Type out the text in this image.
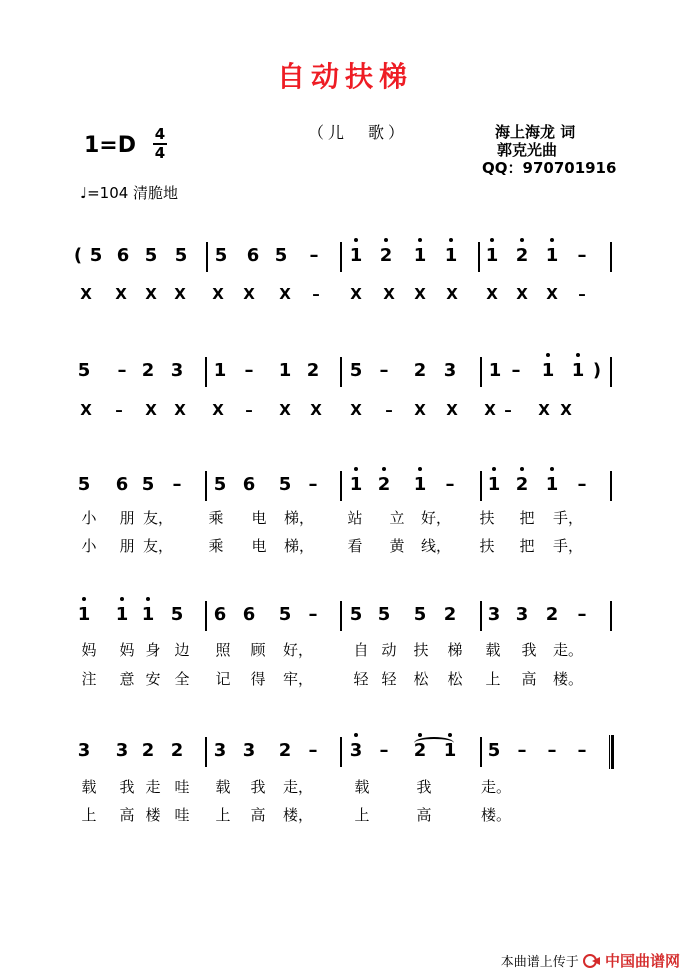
自动扶梯
（儿　歌）	海上海龙 词
郭克光曲
QQ：970701916
1=D 4
4
♩=104 清脆地
( 5 6 5 5 5 6 5 – 1 2 1 1 1 2 1 –
X X X X X X X	–	X X X X X X X	–
5 – 2 3 1 – 1 2 5 – 2 3 1 – 1 1 )
X	–	X X X	–	X X X	–	X X X –	X X
5 6 5 – 5 6 5 – 1 2 1 – 1 2 1 –
小 朋 友， 乘 电 梯， 站 立 好， 扶 把 手，
小 朋 友， 乘 电 梯， 看 黄 线， 扶 把 手，
1 1 1 5 6 6 5 – 5 5 5 2 3 3 2 –
妈 妈 身 边 照 顾 好，	自 动 扶 梯 载 我 走。
注 意 安 全 记 得 牢，	轻 轻 松 松 上 高 楼。
3 3 2 2 3 3 2 – 3 – 2 1 5 – – –
载 我 走 哇 载 我 走，	载	我	走。
上 高 楼 哇 上 高 楼，	上	高	楼。
本曲谱上传于 中国曲谱网
